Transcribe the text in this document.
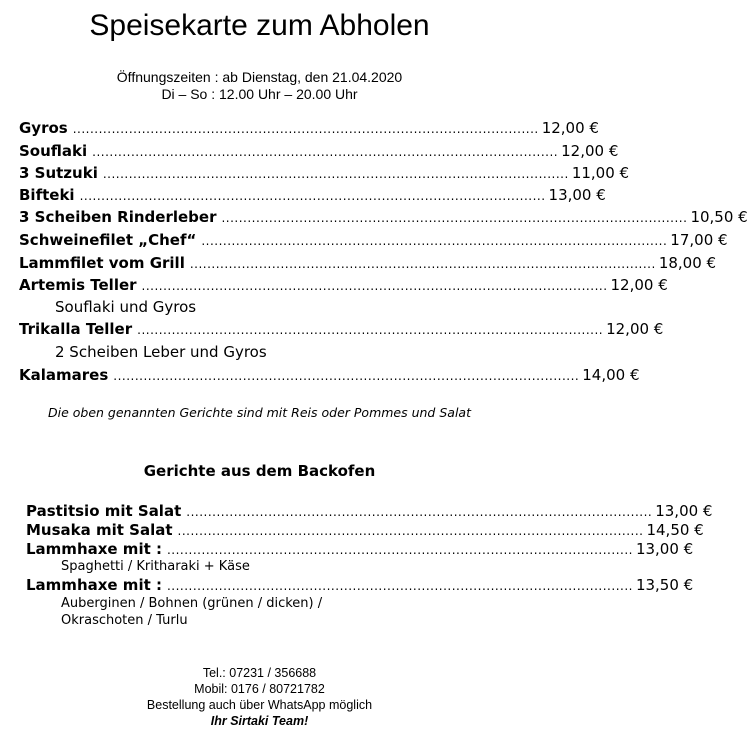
Speisekarte zum Abholen
Öffnungszeiten : ab Dienstag, den 21.04.2020
Di – So : 12.00 Uhr – 20.00 Uhr
Gyros ............................................................................................................ 12,00 €
Souflaki ............................................................................................................ 12,00 €
3 Sutzuki ............................................................................................................ 11,00 €
Bifteki ............................................................................................................ 13,00 €
3 Scheiben Rinderleber ............................................................................................................ 10,50 €
Schweinefilet „Chef“ ............................................................................................................ 17,00 €
Lammfilet vom Grill ............................................................................................................ 18,00 €
Artemis Teller ............................................................................................................ 12,00 €
Souflaki und Gyros
Trikalla Teller ............................................................................................................ 12,00 €
2 Scheiben Leber und Gyros
Kalamares ............................................................................................................ 14,00 €
Die oben genannten Gerichte sind mit Reis oder Pommes und Salat
Gerichte aus dem Backofen
Pastitsio mit Salat ............................................................................................................ 13,00 €
Musaka mit Salat ............................................................................................................ 14,50 €
Lammhaxe mit : ............................................................................................................ 13,00 €
Spaghetti / Kritharaki + Käse
Lammhaxe mit : ............................................................................................................ 13,50 €
Auberginen / Bohnen (grünen / dicken) /
Okraschoten / Turlu
Tel.: 07231 / 356688
Mobil: 0176 / 80721782
Bestellung auch über WhatsApp möglich
Ihr Sirtaki Team!
